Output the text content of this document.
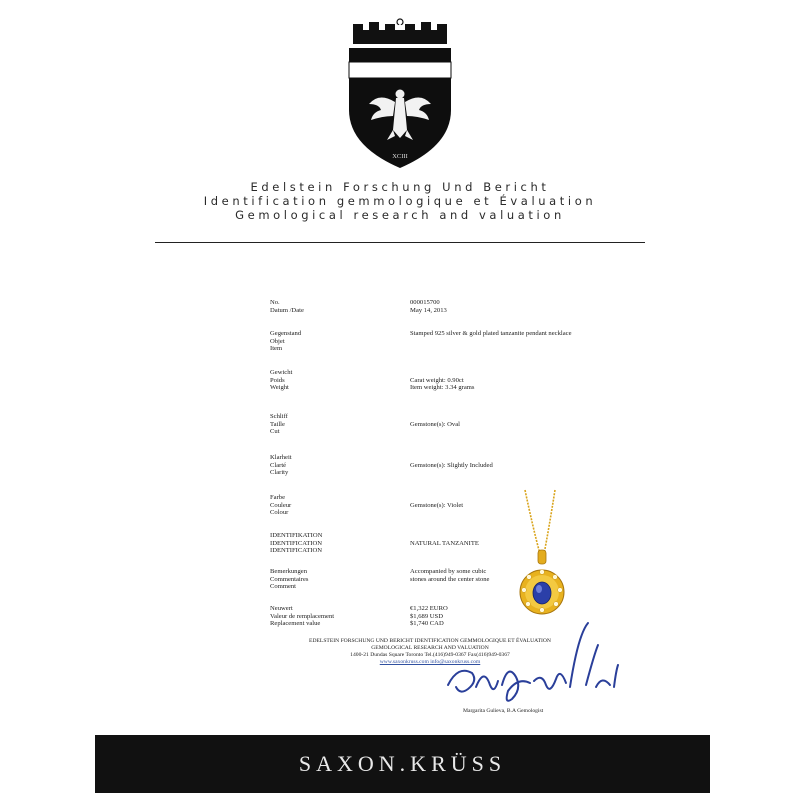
XCIII
Edelstein Forschung Und Bericht
Identification gemmologique et Évaluation
Gemological research and valuation
No.	000015700
Datum /Date	May 14, 2013
Gegenstand
Objet
Item
Stamped 925 silver & gold plated tanzanite pendant necklace
Gewicht
Poids
Weight

Carat weight: 0.90ct
Item weight: 3.34 grams
Schliff
Taille
Cut

Gemstone(s): Oval
Klarheit
Clarté
Clarity

Gemstone(s): Slightly Included
Farbe
Couleur
Colour

Gemstone(s): Violet
IDENTIFIKATION
IDENTIFICATION
IDENTIFICATION

NATURAL TANZANITE
Bemerkungen
Commentaires
Comment
Accompanied by some cubic
stones around the center stone
Neuwert
Valeur de remplacement
Replacement value
€1,322 EURO
$1,689 USD
$1,740 CAD
EDELSTEIN FORSCHUNG UND BERICHT IDENTIFICATION GEMMOLOGIQUE ET ÉVALUATION
GEMOLOGICAL RESEARCH AND VALUATION
1400-21 Dundas Square Toronto Tel.(416)949-0367 Fax(416)949-0367
www.saxonkruss.com info@saxonkruss.com
Margarita Gulieva, B.A Gemologist
SAXON.KRÜSS
